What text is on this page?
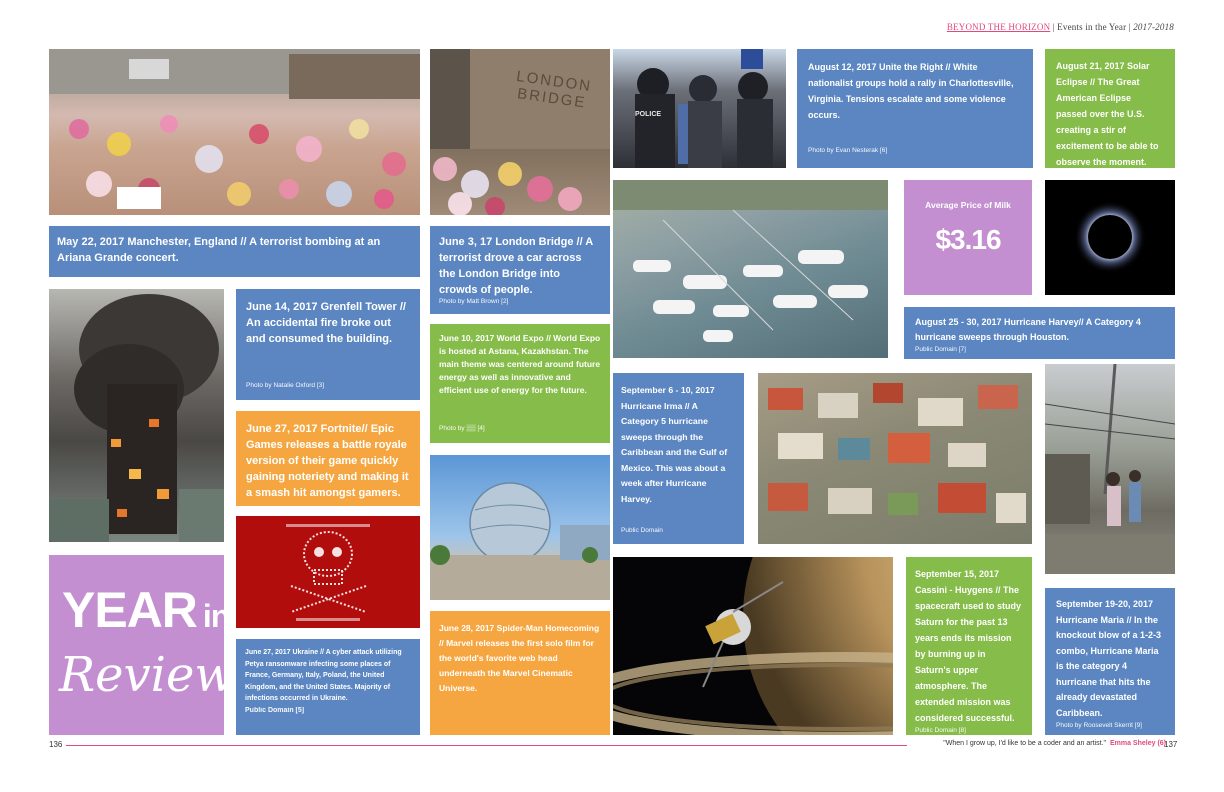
BEYOND THE HORIZON | Events in the Year | 2017-2018
May 22, 2017 Manchester, England // A terrorist bombing at an Ariana Grande concert.
Photo by Tomasz "odder" Kozlowski [1]
YEAR in
Review
June 14, 2017 Grenfell Tower // An accidental fire broke out and consumed the building.
Photo by Natalie Oxford [3]
June 27, 2017 Fortnite// Epic Games releases a battle royale version of their game quickly gaining noteriety and making it a smash hit amongst gamers.
June 27, 2017 Ukraine // A cyber attack utilizing Petya ransomware infecting some places of France, Germany, Italy, Poland, the United Kingdom, and the United States. Majority of infections occurred in Ukraine.
Public Domain [5]
LONDON BRIDGE
June 3, 17 London Bridge // A terrorist drove a car across the London Bridge into crowds of people.
Photo by Matt Brown [2]
June 10, 2017 World Expo // World Expo is hosted at Astana, Kazakhstan. The main theme was centered around future energy as well as innovative and efficient use of energy for the future.
Photo by ▒▒ [4]
June 28, 2017 Spider-Man Homecoming // Marvel releases the first solo film for the world's favorite web head underneath the Marvel Cinematic Universe.
POLICE
August 12, 2017 Unite the Right // White nationalist groups hold a rally in Charlottesville, Virginia. Tensions escalate and some violence occurs.
Photo by Evan Nesterak [6]
August 21, 2017 Solar Eclipse // The Great American Eclipse passed over the U.S. creating a stir of excitement to be able to observe the moment.
source: Pixabay
Average Price of Milk
$3.16
August 25 - 30, 2017 Hurricane Harvey// A Category 4 hurricane sweeps through Houston.
Public Domain [7]
September 6 - 10, 2017 Hurricane Irma // A Category 5 hurricane sweeps through the Caribbean and the Gulf of Mexico. This was about a week after Hurricane Harvey.
Public Domain
September 15, 2017 Cassini - Huygens // The spacecraft used to study Saturn for the past 13 years ends its mission by burning up in Saturn's upper atmosphere. The extended mission was considered successful.
Public Domain [8]
September 19-20, 2017 Hurricane Maria // In the knockout blow of a 1-2-3 combo, Hurricane Maria is the category 4 hurricane that hits the already devastated Caribbean.
Photo by Roosevelt Skerrit [9]
136	"When I grow up, I'd like to be a coder and an artist." Emma Sheley (6)
137
